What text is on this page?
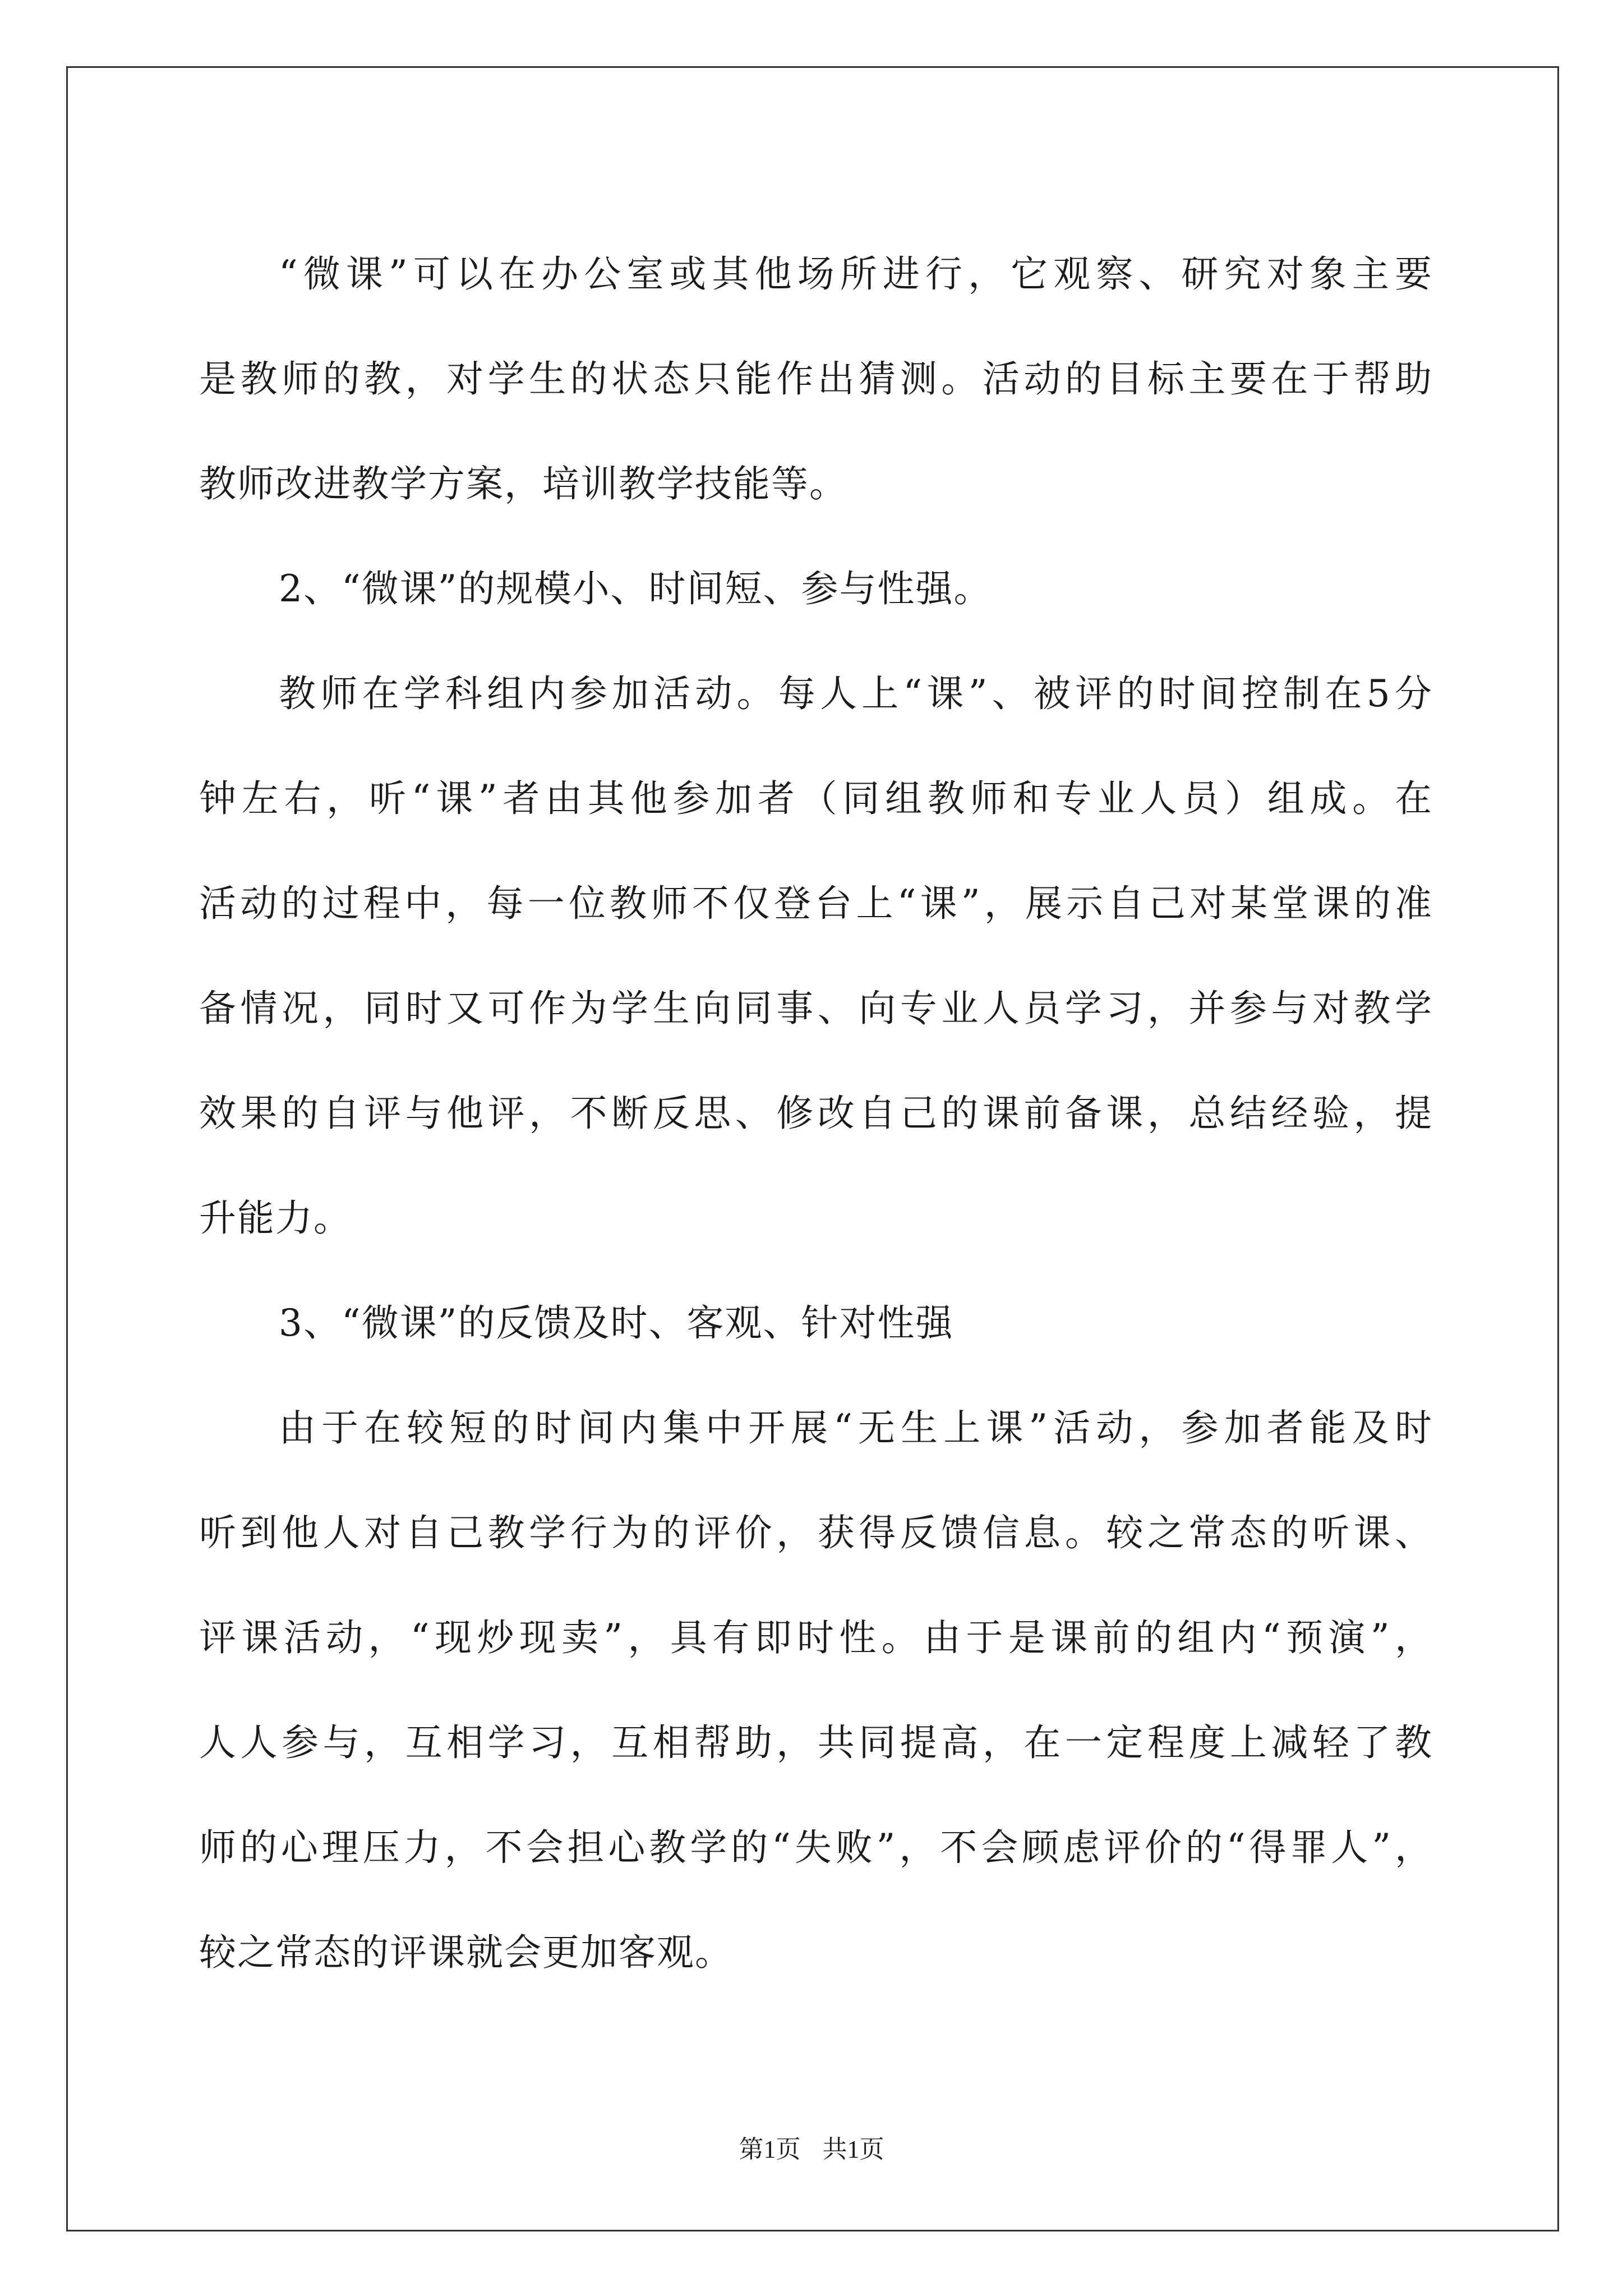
“微课”可以在办公室或其他场所进行，它观察、研究对象主要
是教师的教，对学生的状态只能作出猜测。活动的目标主要在于帮助
教师改进教学方案，培训教学技能等。

2、“微课”的规模小、时间短、参与性强。

教师在学科组内参加活动。每人上“课”、被评的时间控制在5分
钟左右，听“课”者由其他参加者（同组教师和专业人员）组成。在
活动的过程中，每一位教师不仅登台上“课”，展示自己对某堂课的准
备情况，同时又可作为学生向同事、向专业人员学习，并参与对教学
效果的自评与他评，不断反思、修改自己的课前备课，总结经验，提
升能力。

3、“微课”的反馈及时、客观、针对性强

由于在较短的时间内集中开展“无生上课”活动，参加者能及时
听到他人对自己教学行为的评价，获得反馈信息。较之常态的听课、
评课活动，“现炒现卖”，具有即时性。由于是课前的组内“预演”，
人人参与，互相学习，互相帮助，共同提高，在一定程度上减轻了教
师的心理压力，不会担心教学的“失败”，不会顾虑评价的“得罪人”，
较之常态的评课就会更加客观。

第1页 共1页
